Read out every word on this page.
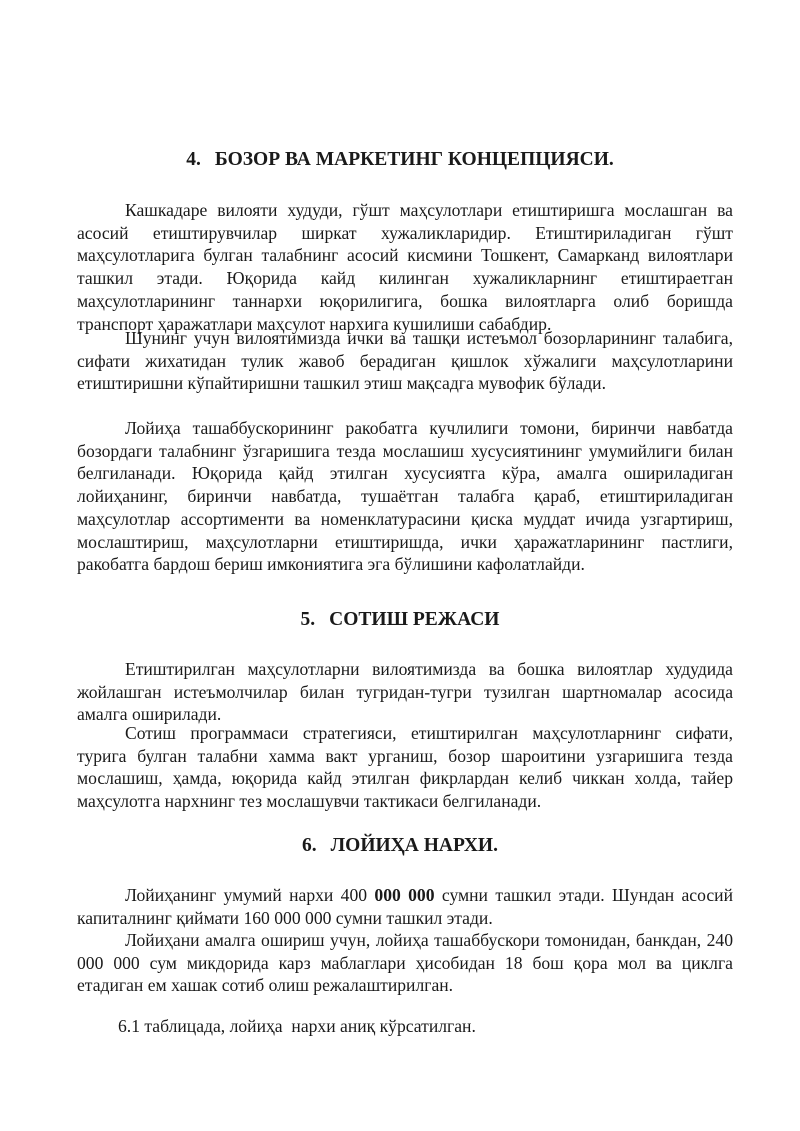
4. БОЗОР ВА МАРКЕТИНГ КОНЦЕПЦИЯСИ.

Кашкадаре вилояти худуди, гўшт маҳсулотлари етиштиришга мослашган ва асосий етиштирувчилар ширкат хужаликларидир. Етиштириладиган гўшт маҳсулотларига булган талабнинг асосий кисмини Тошкент, Самарканд вилоятлари ташкил этади. Юқорида кайд килинган хужаликларнинг етиштираетган маҳсулотларининг таннархи юқорилигига, бошка вилоятларга олиб боришда транспорт ҳаражатлари маҳсулот нархига кушилиши сабабдир.

Шунинг учун вилоятимизда ички ва ташқи истеъмол бозорларининг талабига, сифати жихатидан тулик жавоб берадиган қишлок хўжалиги маҳсулотларини етиштиришни кўпайтиришни ташкил этиш мақсадга мувофик бўлади.

Лойиҳа ташаббускорининг ракобатга кучлилиги томони, биринчи навбатда бозордаги талабнинг ўзгаришига тезда мослашиш хусусиятининг умумийлиги билан белгиланади. Юқорида қайд этилган хусусиятга кўра, амалга ошириладиган лойиҳанинг, биринчи навбатда, тушаётган талабга қараб, етиштириладиган маҳсулотлар ассортименти ва номенклатурасини қиска муддат ичида узгартириш, мослаштириш, маҳсулотларни етиштиришда, ички ҳаражатларининг пастлиги, ракобатга бардош бериш имкониятига эга бўлишини кафолатлайди.

5. СОТИШ РЕЖАСИ

Етиштирилган маҳсулотларни вилоятимизда ва бошка вилоятлар худудида жойлашган истеъмолчилар билан тугридан-тугри тузилган шартномалар асосида амалга оширилади.

Сотиш программаси стратегияси, етиштирилган маҳсулотларнинг сифати, турига булган талабни хамма вакт урганиш, бозор шароитини узгаришига тезда мослашиш, ҳамда, юқорида кайд этилган фикрлардан келиб чиккан холда, тайер маҳсулотга нархнинг тез мослашувчи тактикаси белгиланади.

6. ЛОЙИҲА НАРХИ.

Лойиҳанинг умумий нархи 400 000 000 сумни ташкил этади. Шундан асосий капиталнинг қиймати 160 000 000 сумни ташкил этади.

Лойиҳани амалга ошириш учун, лойиҳа ташаббускори томонидан, банкдан, 240 000 000 сум микдорида карз маблаглари ҳисобидан 18 бош қора мол ва циклга етадиган ем хашак сотиб олиш режалаштирилган.

6.1 таблицада, лойиҳа  нархи аниқ кўрсатилган.
